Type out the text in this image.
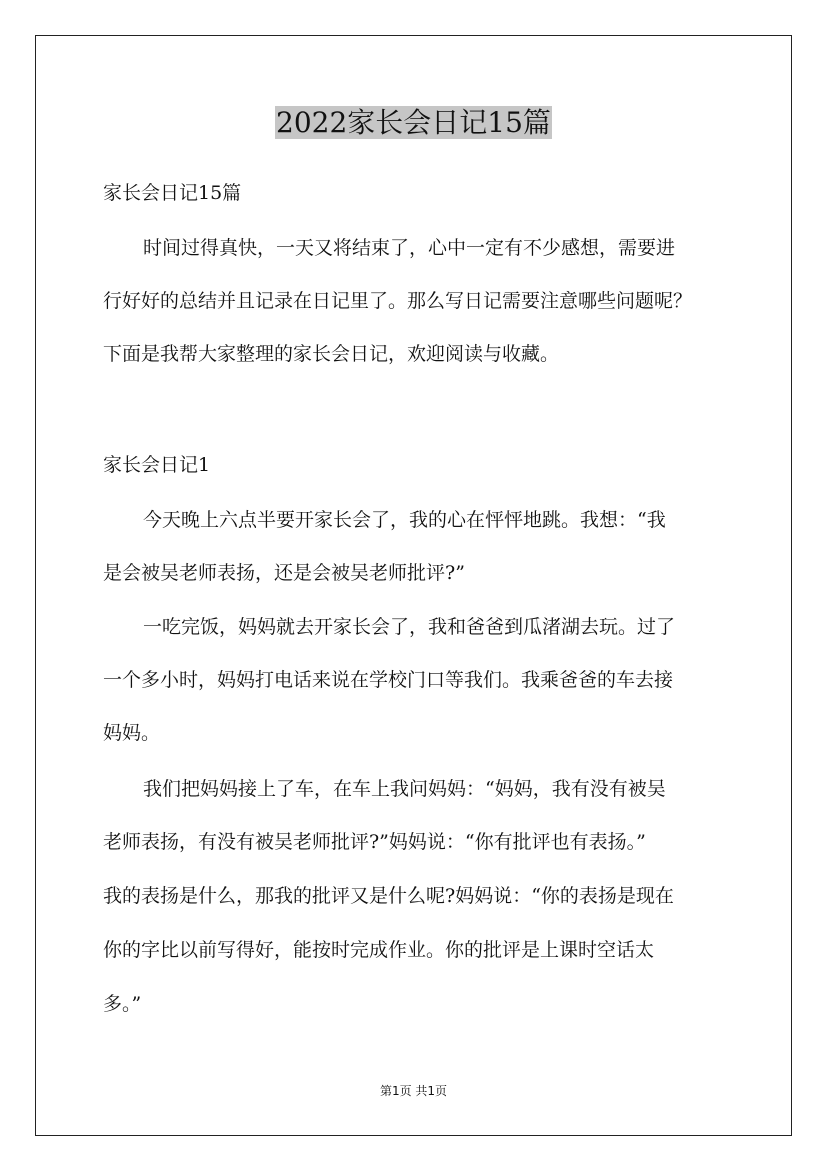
2022家长会日记15篇

家长会日记15篇

时间过得真快，一天又将结束了，心中一定有不少感想，需要进

行好好的总结并且记录在日记里了。那么写日记需要注意哪些问题呢？

下面是我帮大家整理的家长会日记，欢迎阅读与收藏。

家长会日记1

今天晚上六点半要开家长会了，我的心在怦怦地跳。我想：“我

是会被吴老师表扬，还是会被吴老师批评?”

一吃完饭，妈妈就去开家长会了，我和爸爸到瓜渚湖去玩。过了

一个多小时，妈妈打电话来说在学校门口等我们。我乘爸爸的车去接

妈妈。

我们把妈妈接上了车，在车上我问妈妈：“妈妈，我有没有被吴

老师表扬，有没有被吴老师批评?”妈妈说：“你有批评也有表扬。”

我的表扬是什么，那我的批评又是什么呢?妈妈说：“你的表扬是现在

你的字比以前写得好，能按时完成作业。你的批评是上课时空话太

多。”

第1页 共1页
